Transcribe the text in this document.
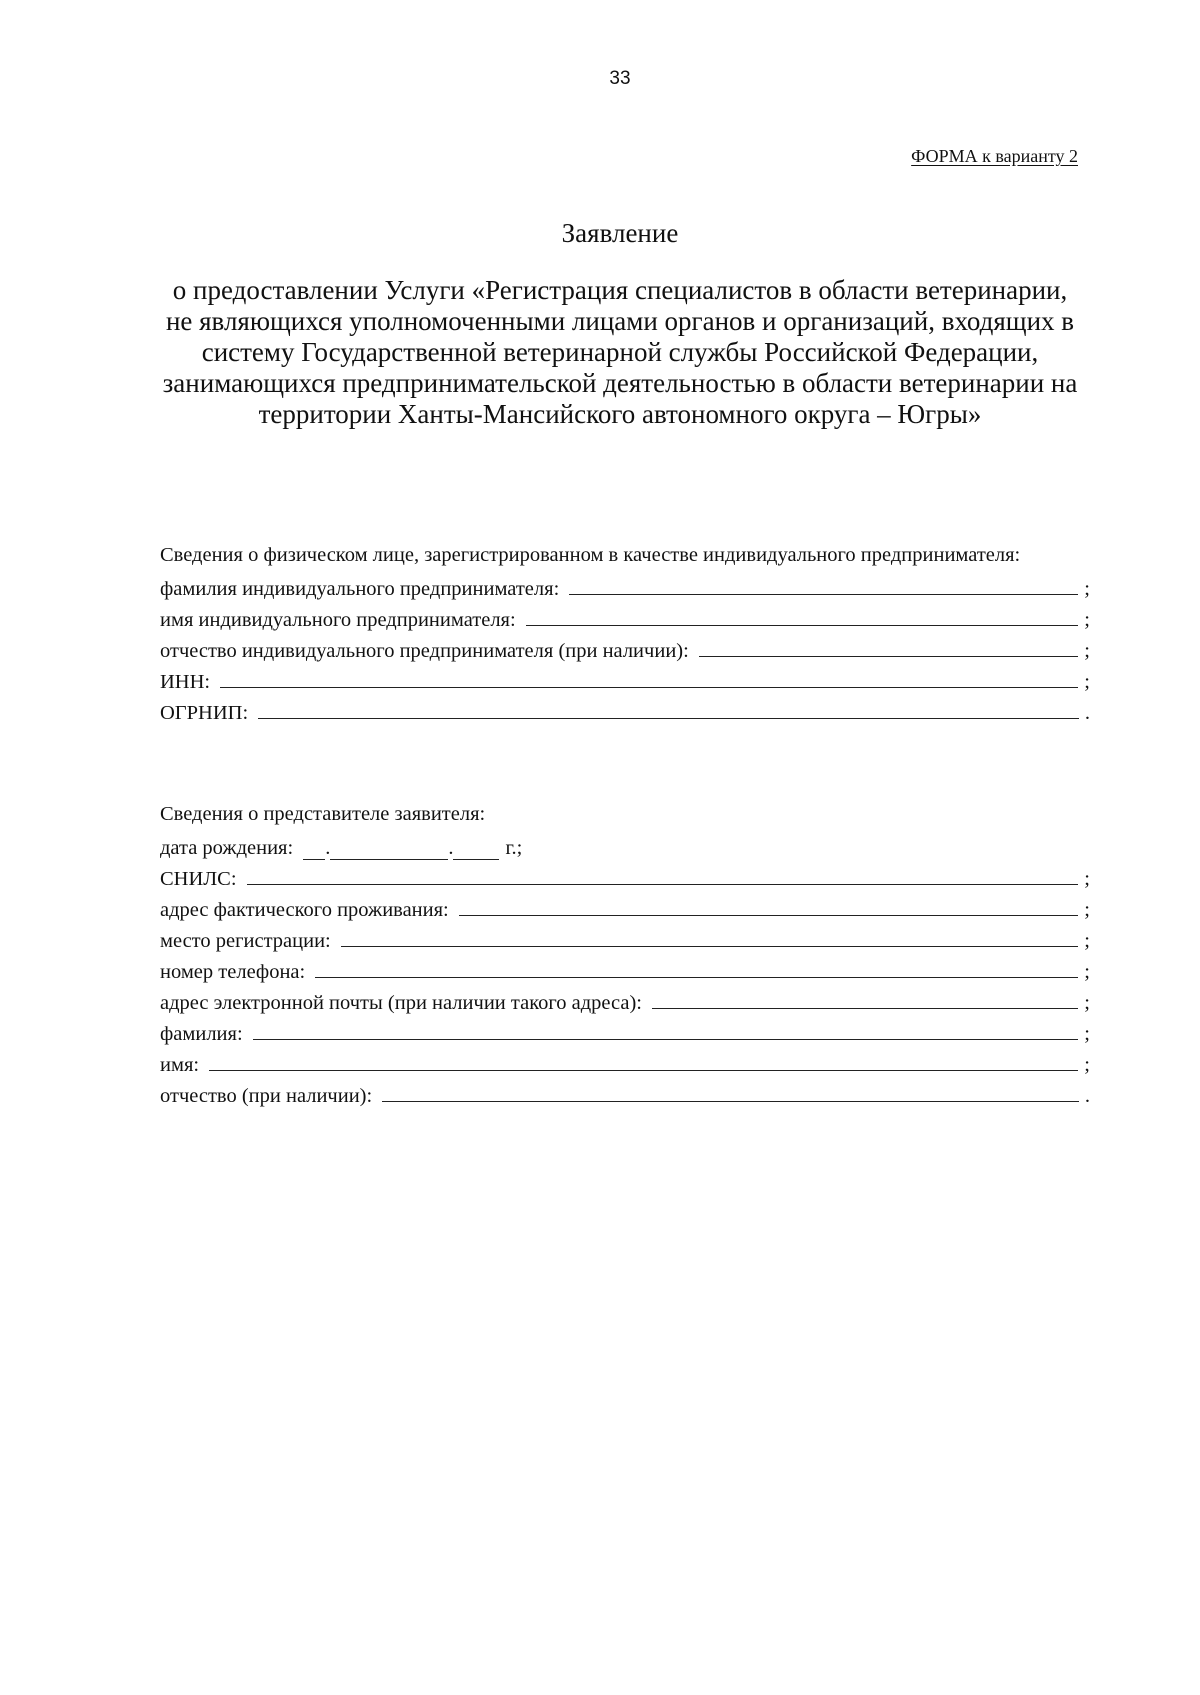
33
ФОРМА к варианту 2
Заявление
о предоставлении Услуги «Регистрация специалистов в области ветеринарии, не являющихся уполномоченными лицами органов и организаций, входящих в систему Государственной ветеринарной службы Российской Федерации, занимающихся предпринимательской деятельностью в области ветеринарии на территории Ханты-Мансийского автономного округа – Югры»
Сведения о физическом лице, зарегистрированном в качестве индивидуального предпринимателя:
фамилия индивидуального предпринимателя:	;
имя индивидуального предпринимателя:	;
отчество индивидуального предпринимателя (при наличии):	;
ИНН:	;
ОГРНИП:	.
Сведения о представителе заявителя:
дата рождения: .	.	г.;
СНИЛС:	;
адрес фактического проживания:	;
место регистрации:	;
номер телефона:	;
адрес электронной почты (при наличии такого адреса):	;
фамилия:	;
имя:	;
отчество (при наличии):	.
